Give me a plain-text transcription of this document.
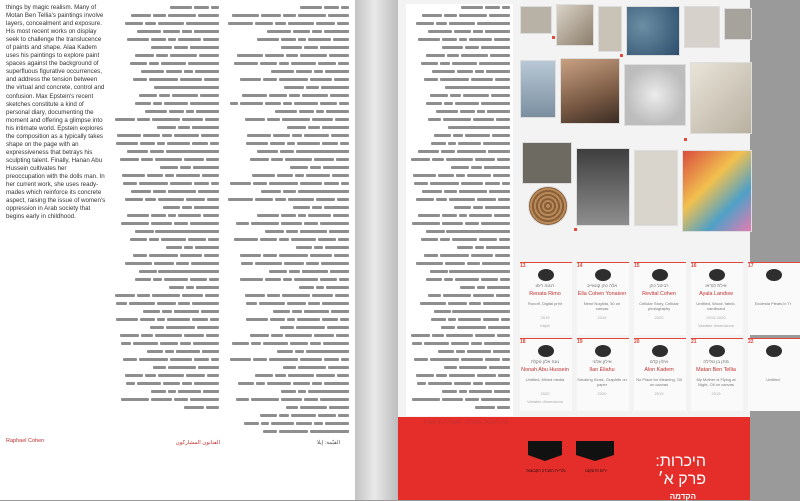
things by magic realism. Many of Motan Ben Tellia's paintings involve layers, concealment and exposure. His most recent works on display seek to challenge the translucence of paints and shape. Alaa Kadem uses his paintings to explore paint spaces against the background of superfluous figurative occurrences, and address the tension between the virtual and concrete, control and confusion. Max Epstein's recent sketches constitute a kind of personal diary, documenting the moment and offering a glimpse into his intimate world. Epstein explores the composition as a typically takes shape on the page with an expressiveness that betrays his sculpting talent. Finally, Hanan Abu Hussein cultivates her preoccupation with the dolls man. In her current work, she uses ready-mades which reinforce its concrete aspect, raising the issue of women's oppression in Arab society that begins early in childhood.
Raphael Cohen	الفنانون المشاركون	القيّمة: إيلا
13
רנטה רימו
Renata Rimo
Runoff, Digital print
2019
Inkjet
14
אלה כהן קונאייב
Ella Cohen Yonaiver
Nene Noghila, 50 on canvas
2019
15
רביטל כהן
Revital Cohen
Cellular Story, Cellular photography
2020
16
אילת לנדאו
Ayala Landow
Untitled, Wood, fabric, cardboard
2015-2020
Variable dimensions
17
Ecclesta Pleats in Tr
18
נונה אלון טקלה
Nonah Abu Hussein
Untitled, Mixed media
2020
Variable dimensions
19
אילון אלוני
Ilan Eliahu
Smoking Kiosk, Graphite on paper
2020
20
אילון קדם
Alon Kadem
No Place for Meaning, Oil on canvas
2019
21
מתן בן טלילה
Matan Ben Tellia
My Mother is Flying at Night, Oil on canvas
2019
22
Untitled
גלריית החברה הקבוצות	ירוס פרונקנט
היכרות:
פרק א׳
הקדמה
קרן רוזנטל, מנהלת, האוצרת הראשית
